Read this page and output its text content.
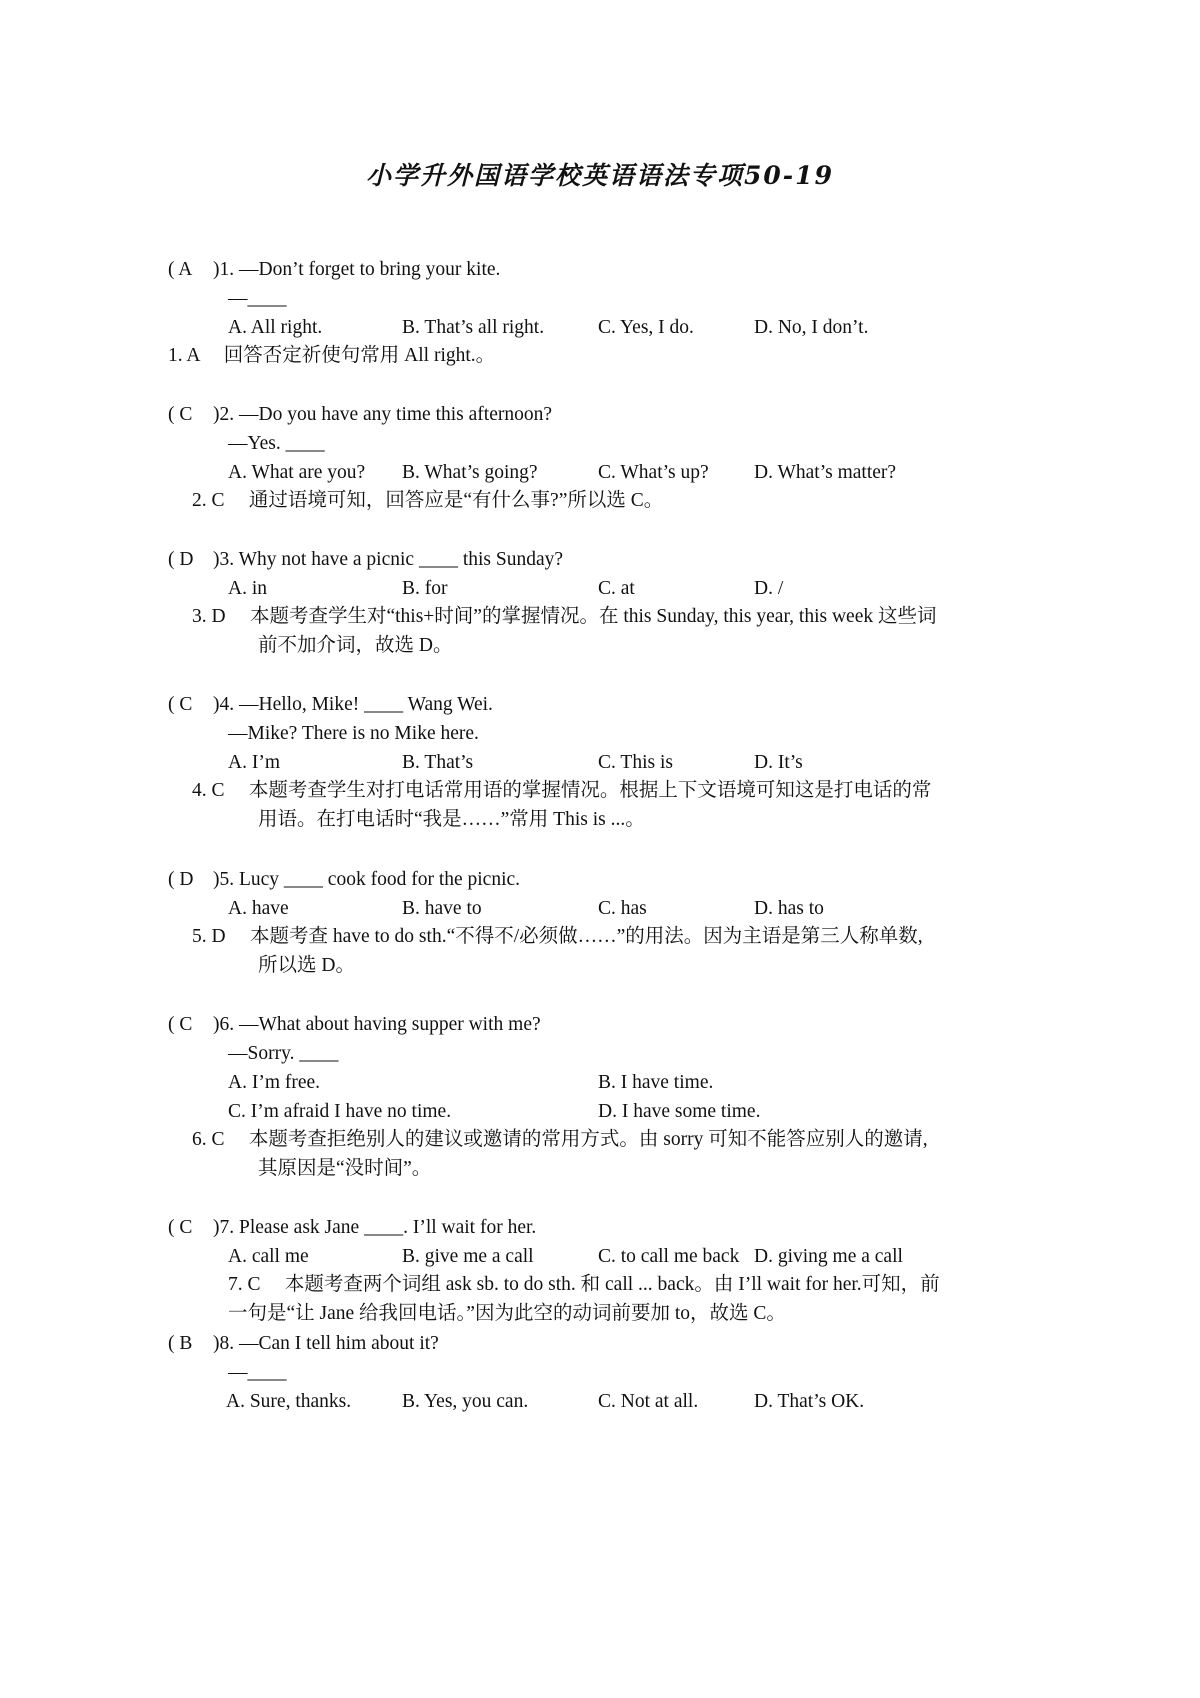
小学升外国语学校英语语法专项50-19
( A )1. —Don’t forget to bring your kite.
—____
A. All right.	B. That’s all right.	C. Yes, I do.	D. No, I don’t.
1. A　 回答否定祈使句常用 All right.。
( C )2. —Do you have any time this afternoon?
—Yes. ____
A. What are you? B. What’s going?	C. What’s up? D. What’s matter?
2. C　 通过语境可知，回答应是“有什么事?”所以选 C。
( D )3. Why not have a picnic ____ this Sunday?
A. in	B. for	C. at	D. /
3. D　 本题考查学生对“this+时间”的掌握情况。在 this Sunday, this year, this week 这些词
前不加介词，故选 D。
( C )4. —Hello, Mike! ____ Wang Wei.
—Mike? There is no Mike here.
A. I’m	B. That’s	C. This is	D. It’s
4. C　 本题考查学生对打电话常用语的掌握情况。根据上下文语境可知这是打电话的常
用语。在打电话时“我是……”常用 This is ...。
( D )5. Lucy ____ cook food for the picnic.
A. have	B. have to	C. has	D. has to
5. D　 本题考查 have to do sth.“不得不/必须做……”的用法。因为主语是第三人称单数,
所以选 D。
( C )6. —What about having supper with me?
—Sorry. ____
A. I’m free.	B. I have time.
C. I’m afraid I have no time.	D. I have some time.
6. C　 本题考查拒绝别人的建议或邀请的常用方式。由 sorry 可知不能答应别人的邀请,
其原因是“没时间”。
( C )7. Please ask Jane ____. I’ll wait for her.
A. call me	B. give me a call	C. to call me back D. giving me a call
7. C　 本题考查两个词组 ask sb. to do sth. 和 call ... back。由 I’ll wait for her.可知，前
一句是“让 Jane 给我回电话。”因为此空的动词前要加 to，故选 C。
( B )8. —Can I tell him about it?
—____
A. Sure, thanks.	B. Yes, you can.	C. Not at all.	D. That’s OK.
